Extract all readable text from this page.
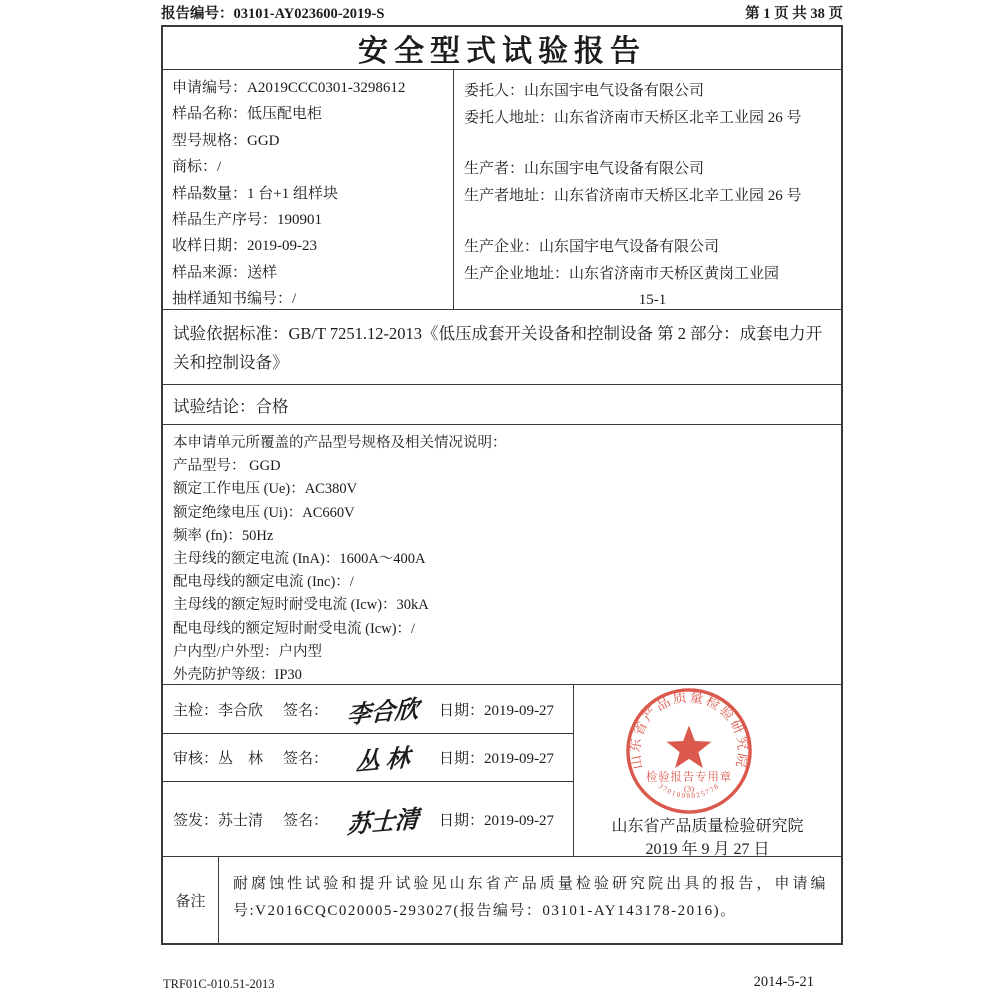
报告编号：03101-AY023600-2019-S	第 1 页 共 38 页
安全型式试验报告
申请编号：A2019CCC0301-3298612
样品名称：低压配电柜
型号规格：GGD
商标：/
样品数量：1 台+1 组样块
样品生产序号：190901
收样日期：2019-09-23
样品来源：送样
抽样通知书编号：/
委托人：山东国宇电气设备有限公司
委托人地址：山东省济南市天桥区北辛工业园 26 号
生产者：山东国宇电气设备有限公司
生产者地址：山东省济南市天桥区北辛工业园 26 号
生产企业：山东国宇电气设备有限公司
生产企业地址：山东省济南市天桥区黄岗工业园
15-1
试验依据标准：GB/T 7251.12-2013《低压成套开关设备和控制设备 第 2 部分：成套电力开关和控制设备》
试验结论：合格
本申请单元所覆盖的产品型号规格及相关情况说明：
产品型号： GGD
额定工作电压 (Ue)：AC380V
额定绝缘电压 (Ui)：AC660V
频率 (fn)：50Hz
主母线的额定电流 (InA)：1600A～400A
配电母线的额定电流 (Inc)：/
主母线的额定短时耐受电流 (Icw)：30kA
配电母线的额定短时耐受电流 (Icw)：/
户内型/户外型：户内型
外壳防护等级：IP30
主检：李合欣	签名： 李合欣	日期：2019-09-27
审核：丛　林	签名：	丛 林	日期：2019-09-27
签发：苏士清	签名： 苏士清	日期：2019-09-27
山东省产品质量检验研究院
检验报告专用章
(3)
3701008025778
山东省产品质量检验研究院
2019 年 9 月 27 日
备注
耐腐蚀性试验和提升试验见山东省产品质量检验研究院出具的报告，申请编号:V2016CQC020005-293027(报告编号：03101-AY143178-2016)。
TRF01C-010.51-2013	2014-5-21
